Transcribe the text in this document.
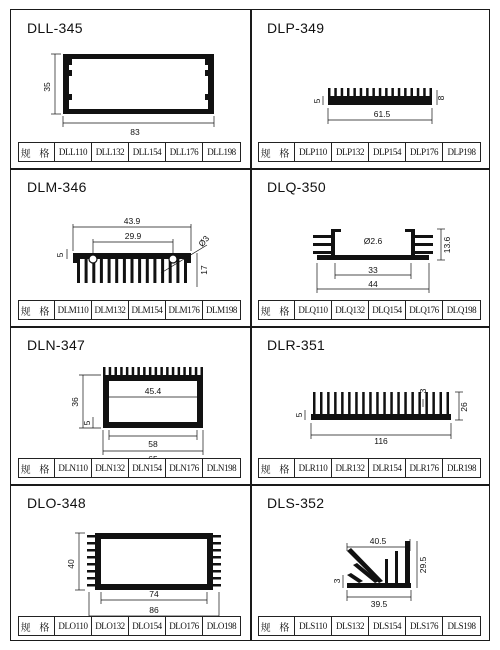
DLL-345
83
35
规 格 DLL110 DLL132 DLL154 DLL176 DLL198
DLP-349
61.5
5
8
规 格 DLP110	DLP132 DLP154 DLP176	DLP198
DLM-346
43.9
29.9
5
17
Ø3
规 格 DLM110 DLM132 DLM154 DLM176 DLM198
DLQ-350
Ø2.6
33
44
13.6
规 格 DLQ110 DLQ132 DLQ154 DLQ176 DLQ198
DLN-347
45.4
58
36
5
规 格 DLN110 DLN132 DLN154 DLN176 DLN198
DLR-351
116
5
26
3
规 格 DLR110 DLR132 DLR154 DLR176 DLR198
DLO-348
74
86
40
规 格 DLO110 DLO132 DLO154 DLO176 DLO198
DLS-352
40.5
39.5
29.5
3
规 格 DLS110	DLS132 DLS154 DLS176	DLS198
